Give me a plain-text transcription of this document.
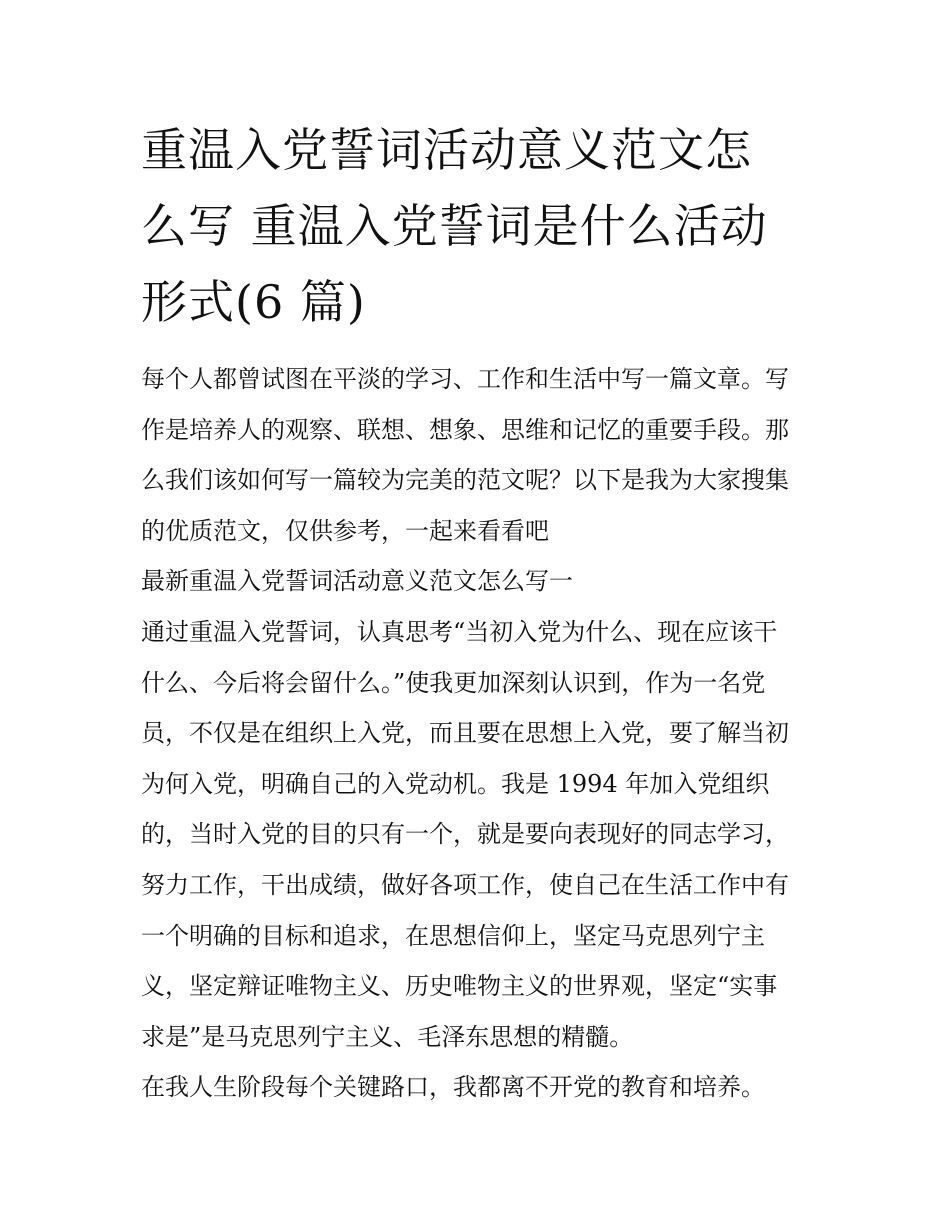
重温入党誓词活动意义范文怎
么写 重温入党誓词是什么活动
形式(6 篇)
每个人都曾试图在平淡的学习、工作和生活中写一篇文章。写
作是培养人的观察、联想、想象、思维和记忆的重要手段。那
么我们该如何写一篇较为完美的范文呢？以下是我为大家搜集
的优质范文，仅供参考，一起来看看吧
最新重温入党誓词活动意义范文怎么写一
通过重温入党誓词，认真思考“当初入党为什么、现在应该干
什么、今后将会留什么。”使我更加深刻认识到，作为一名党
员，不仅是在组织上入党，而且要在思想上入党，要了解当初
为何入党，明确自己的入党动机。我是 1994 年加入党组织
的，当时入党的目的只有一个，就是要向表现好的同志学习，
努力工作，干出成绩，做好各项工作，使自己在生活工作中有
一个明确的目标和追求，在思想信仰上，坚定马克思列宁主
义，坚定辩证唯物主义、历史唯物主义的世界观，坚定“实事
求是”是马克思列宁主义、毛泽东思想的精髓。
在我人生阶段每个关键路口，我都离不开党的教育和培养。
